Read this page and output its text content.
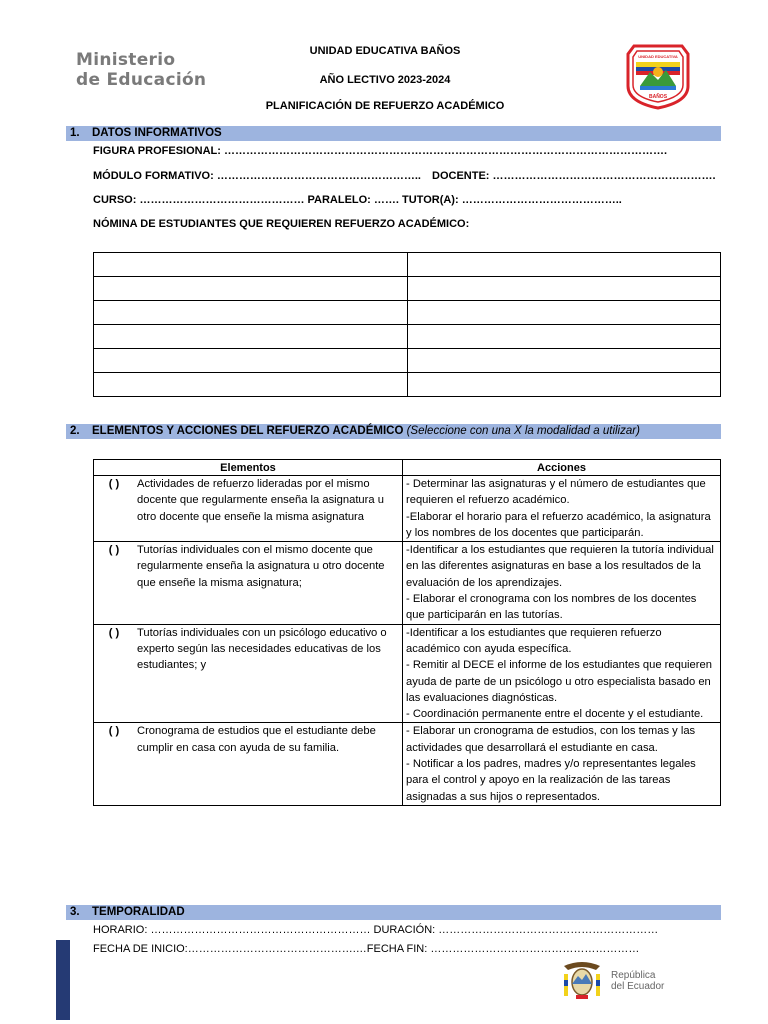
Ministerio
de Educación
UNIDAD EDUCATIVA BAÑOS
AÑO LECTIVO 2023-2024
PLANIFICACIÓN DE REFUERZO ACADÉMICO
UNIDAD EDUCATIVA
BAÑOS
1. DATOS INFORMATIVOS
FIGURA PROFESIONAL: ………………………………………………………………………………………………………….
MÓDULO FORMATIVO: ……………………………………………….. DOCENTE: …………………………………………………….
CURSO: ……………………………………… PARALELO: ……. TUTOR(A): ……………………………………..
NÓMINA DE ESTUDIANTES QUE REQUIEREN REFUERZO ACADÉMICO:

2. ELEMENTOS Y ACCIONES DEL REFUERZO ACADÉMICO (Seleccione con una X la modalidad a utilizar)
Elementos		Acciones
( )	Actividades de refuerzo lideradas por el mismo docente que regularmente enseña la asignatura u otro docente que enseñe la misma asignatura	- Determinar las asignaturas y el número de estudiantes que requieren el refuerzo académico.
-Elaborar el horario para el refuerzo académico, la asignatura y los nombres de los docentes que participarán.

( )	Tutorías individuales con el mismo docente que regularmente enseña la asignatura u otro docente que enseñe la misma asignatura;	-Identificar a los estudiantes que requieren la tutoría individual en las diferentes asignaturas en base a los resultados de la evaluación de los aprendizajes.
- Elaborar el cronograma con los nombres de los docentes que participarán en las tutorías.

( )	Tutorías individuales con un psicólogo educativo o experto según las necesidades educativas de los estudiantes; y	-Identificar a los estudiantes que requieren refuerzo académico con ayuda específica.
- Remitir al DECE el informe de los estudiantes que requieren ayuda de parte de un psicólogo u otro especialista basado en las evaluaciones diagnósticas.
- Coordinación permanente entre el docente y el estudiante.

( )	Cronograma de estudios que el estudiante debe cumplir en casa con ayuda de su familia.	- Elaborar un cronograma de estudios, con los temas y las actividades que desarrollará el estudiante en casa.
- Notificar a los padres, madres y/o representantes legales para el control y apoyo en la realización de las tareas asignadas a sus hijos o representados.
3. TEMPORALIDAD
HORARIO: …………………………………………………… DURACIÓN: ……………………………………………………
FECHA DE INICIO:……………………………………….…FECHA FIN: …………………………………………………
República
del Ecuador
